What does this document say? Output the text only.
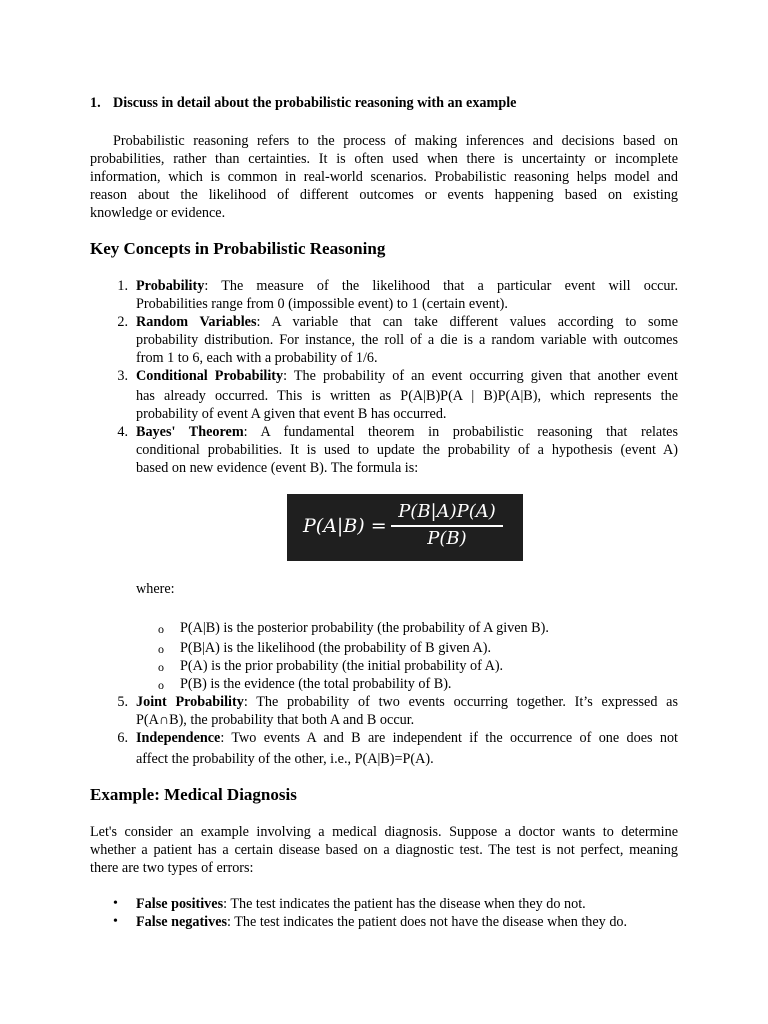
1. Discuss in detail about the probabilistic reasoning with an example
Probabilistic reasoning refers to the process of making inferences and decisions based on
probabilities, rather than certainties. It is often used when there is uncertainty or incomplete
information, which is common in real-world scenarios. Probabilistic reasoning helps model and
reason about the likelihood of different outcomes or events happening based on existing
knowledge or evidence.
Key Concepts in Probabilistic Reasoning
1. Probability: The measure of the likelihood that a particular event will occur.
Probabilities range from 0 (impossible event) to 1 (certain event).
2. Random Variables: A variable that can take different values according to some
probability distribution. For instance, the roll of a die is a random variable with outcomes
from 1 to 6, each with a probability of 1/6.
3. Conditional Probability: The probability of an event occurring given that another event
has already occurred. This is written as P(A|B)P(A | B)P(A|B), which represents the
probability of event A given that event B has occurred.
4. Bayes' Theorem: A fundamental theorem in probabilistic reasoning that relates
conditional probabilities. It is used to update the probability of a hypothesis (event A)
based on new evidence (event B). The formula is:
P(A|B) =
P(B|A)P(A)
P(B)
where:
o P(A|B) is the posterior probability (the probability of A given B).
o P(B|A) is the likelihood (the probability of B given A).
o P(A) is the prior probability (the initial probability of A).
o P(B) is the evidence (the total probability of B).
5. Joint Probability: The probability of two events occurring together. It’s expressed as
P(A∩B), the probability that both A and B occur.
6. Independence: Two events A and B are independent if the occurrence of one does not
affect the probability of the other, i.e., P(A|B)=P(A).
Example: Medical Diagnosis
Let's consider an example involving a medical diagnosis. Suppose a doctor wants to determine
whether a patient has a certain disease based on a diagnostic test. The test is not perfect, meaning
there are two types of errors:
• False positives: The test indicates the patient has the disease when they do not.
• False negatives: The test indicates the patient does not have the disease when they do.
